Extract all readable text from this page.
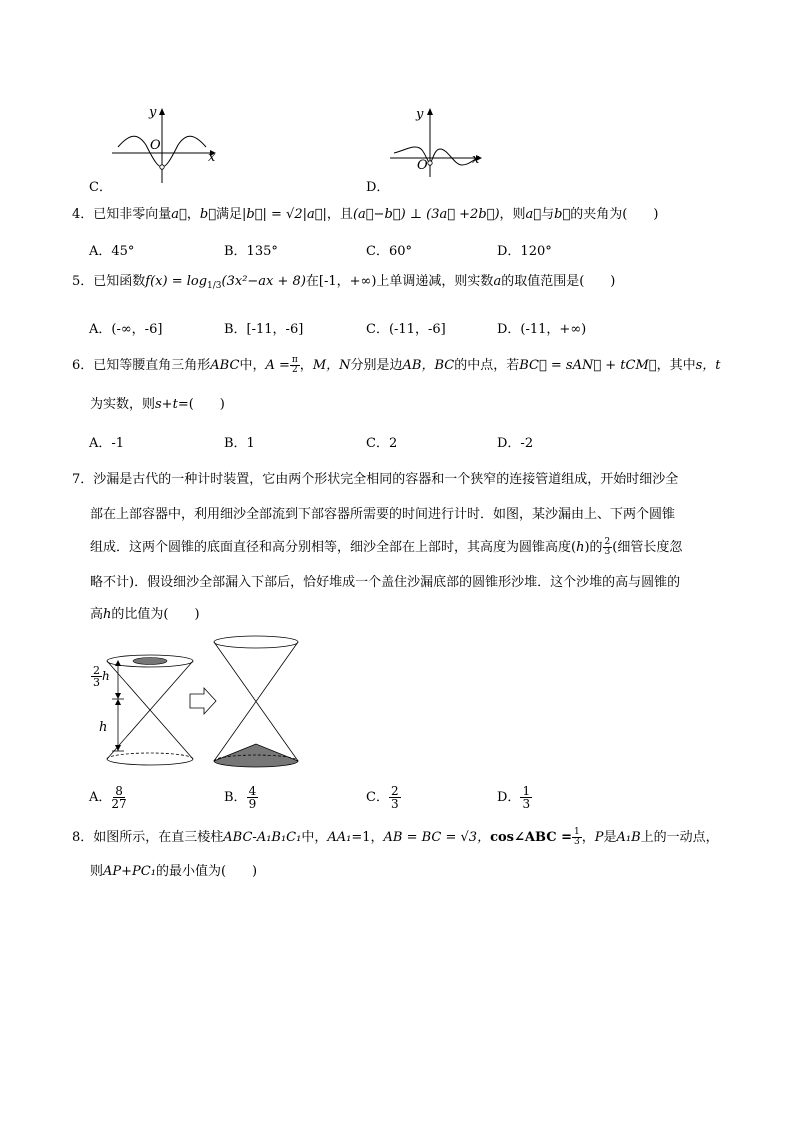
C．
y
x
O
D．
y
x
O
4．已知非零向量a⃗，b⃗满足|b⃗| = √2|a⃗|，且(a⃗−b⃗) ⊥ (3a⃗ +2b⃗)，则a⃗与b⃗的夹角为(　　)
A．45°	B．135°	C．60°	D．120°
5．已知函数$f(x) = \log_{1/3}(3x^2-ax + 8)$在[-1，+∞)上单调递减，则实数a的取值范围是(　　)
A．(-∞，-6]	B．[-11，-6]	C．(-11，-6]	D．(-11，+∞)
6．已知等腰直角三角形ABC中，$A = \frac{\pi}{2}$ ，M，N分别是边AB，BC的中点，若BC⃗ = sAN⃗ + tCM⃗，其中s，t
为实数，则s+t=(　　)
A．-1	B．1	C．2	D．-2
7．沙漏是古代的一种计时装置，它由两个形状完全相同的容器和一个狭窄的连接管道组成，开始时细沙全
部在上部容器中，利用细沙全部流到下部容器所需要的时间进行计时．如图，某沙漏由上、下两个圆锥
组成．这两个圆锥的底面直径和高分别相等，细沙全部在上部时，其高度为圆锥高度(h)的 $\frac{2}{3}$ (细管长度忽
略不计)．假设细沙全部漏入下部后，恰好堆成一个盖住沙漏底部的圆锥形沙堆．这个沙堆的高与圆锥的
高h的比值为(　　)
$\frac{2}{3}$ h
h
A． $\frac{8}{27}$	B． $\frac{4}{9}$	C． $\frac{2}{3}$	D． $\frac{1}{3}$
8．如图所示，在直三棱柱ABC-A₁B₁C₁中，AA₁=1，AB = BC = √3，cos∠ABC = $\frac{1}{3}$ ，P是A₁B上的一动点，
则AP+PC₁的最小值为(　　)
